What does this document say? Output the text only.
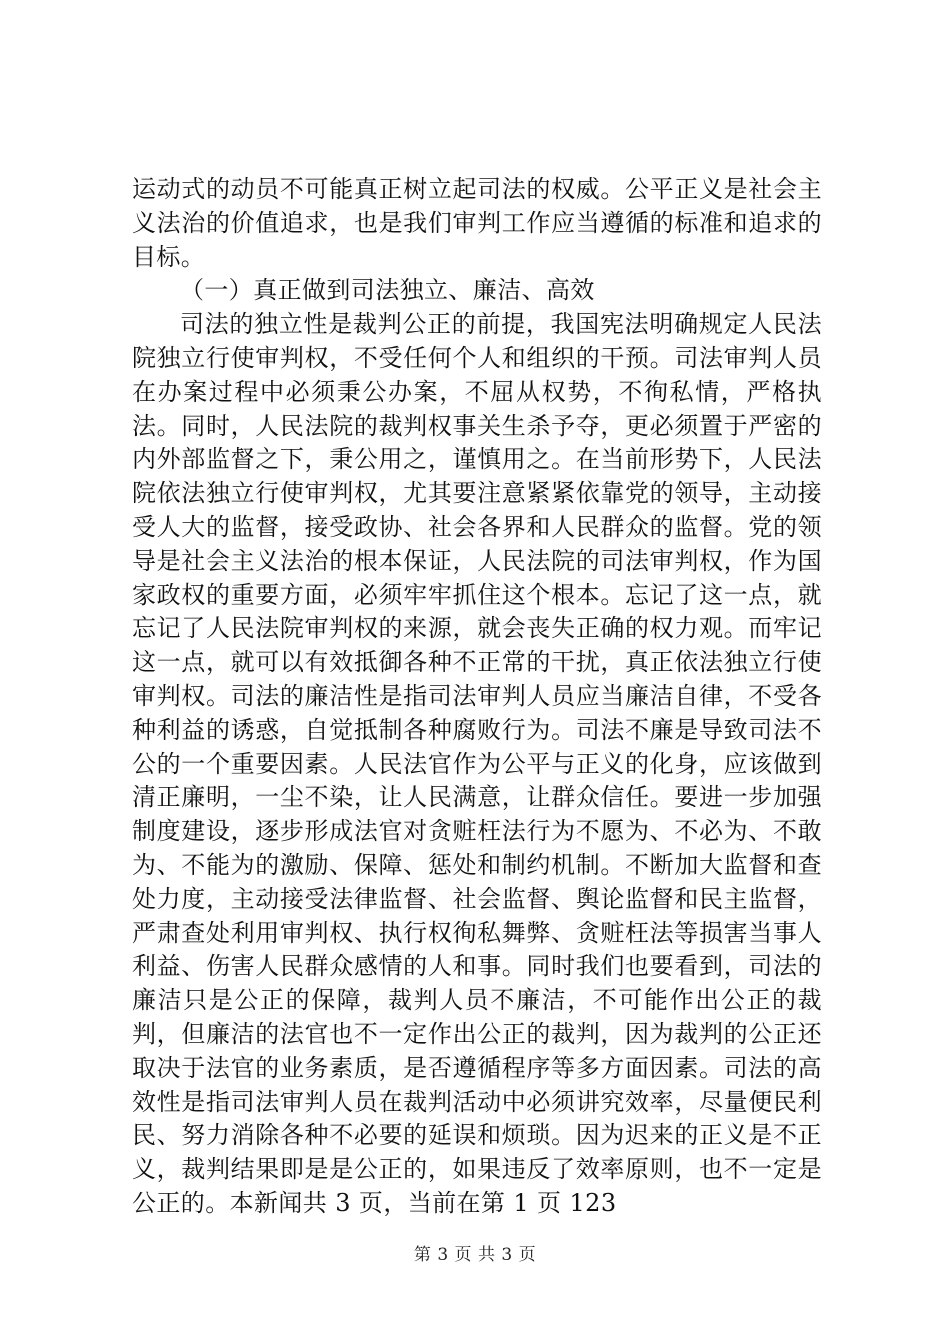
运动式的动员不可能真正树立起司法的权威。公平正义是社会主义法治的价值追求，也是我们审判工作应当遵循的标准和追求的目标。

（一）真正做到司法独立、廉洁、高效

司法的独立性是裁判公正的前提，我国宪法明确规定人民法院独立行使审判权，不受任何个人和组织的干预。司法审判人员在办案过程中必须秉公办案，不屈从权势，不徇私情，严格执法。同时，人民法院的裁判权事关生杀予夺，更必须置于严密的内外部监督之下，秉公用之，谨慎用之。在当前形势下，人民法院依法独立行使审判权，尤其要注意紧紧依靠党的领导，主动接受人大的监督，接受政协、社会各界和人民群众的监督。党的领导是社会主义法治的根本保证，人民法院的司法审判权，作为国家政权的重要方面，必须牢牢抓住这个根本。忘记了这一点，就忘记了人民法院审判权的来源，就会丧失正确的权力观。而牢记这一点，就可以有效抵御各种不正常的干扰，真正依法独立行使审判权。司法的廉洁性是指司法审判人员应当廉洁自律，不受各种利益的诱惑，自觉抵制各种腐败行为。司法不廉是导致司法不公的一个重要因素。人民法官作为公平与正义的化身，应该做到清正廉明，一尘不染，让人民满意，让群众信任。要进一步加强制度建设，逐步形成法官对贪赃枉法行为不愿为、不必为、不敢为、不能为的激励、保障、惩处和制约机制。不断加大监督和查处力度，主动接受法律监督、社会监督、舆论监督和民主监督，严肃查处利用审判权、执行权徇私舞弊、贪赃枉法等损害当事人利益、伤害人民群众感情的人和事。同时我们也要看到，司法的廉洁只是公正的保障，裁判人员不廉洁，不可能作出公正的裁判，但廉洁的法官也不一定作出公正的裁判，因为裁判的公正还取决于法官的业务素质，是否遵循程序等多方面因素。司法的高效性是指司法审判人员在裁判活动中必须讲究效率，尽量便民利民、努力消除各种不必要的延误和烦琐。因为迟来的正义是不正义，裁判结果即是是公正的，如果违反了效率原则，也不一定是公正的。本新闻共 3 页，当前在第 1 页 123

第 3 页 共 3 页
